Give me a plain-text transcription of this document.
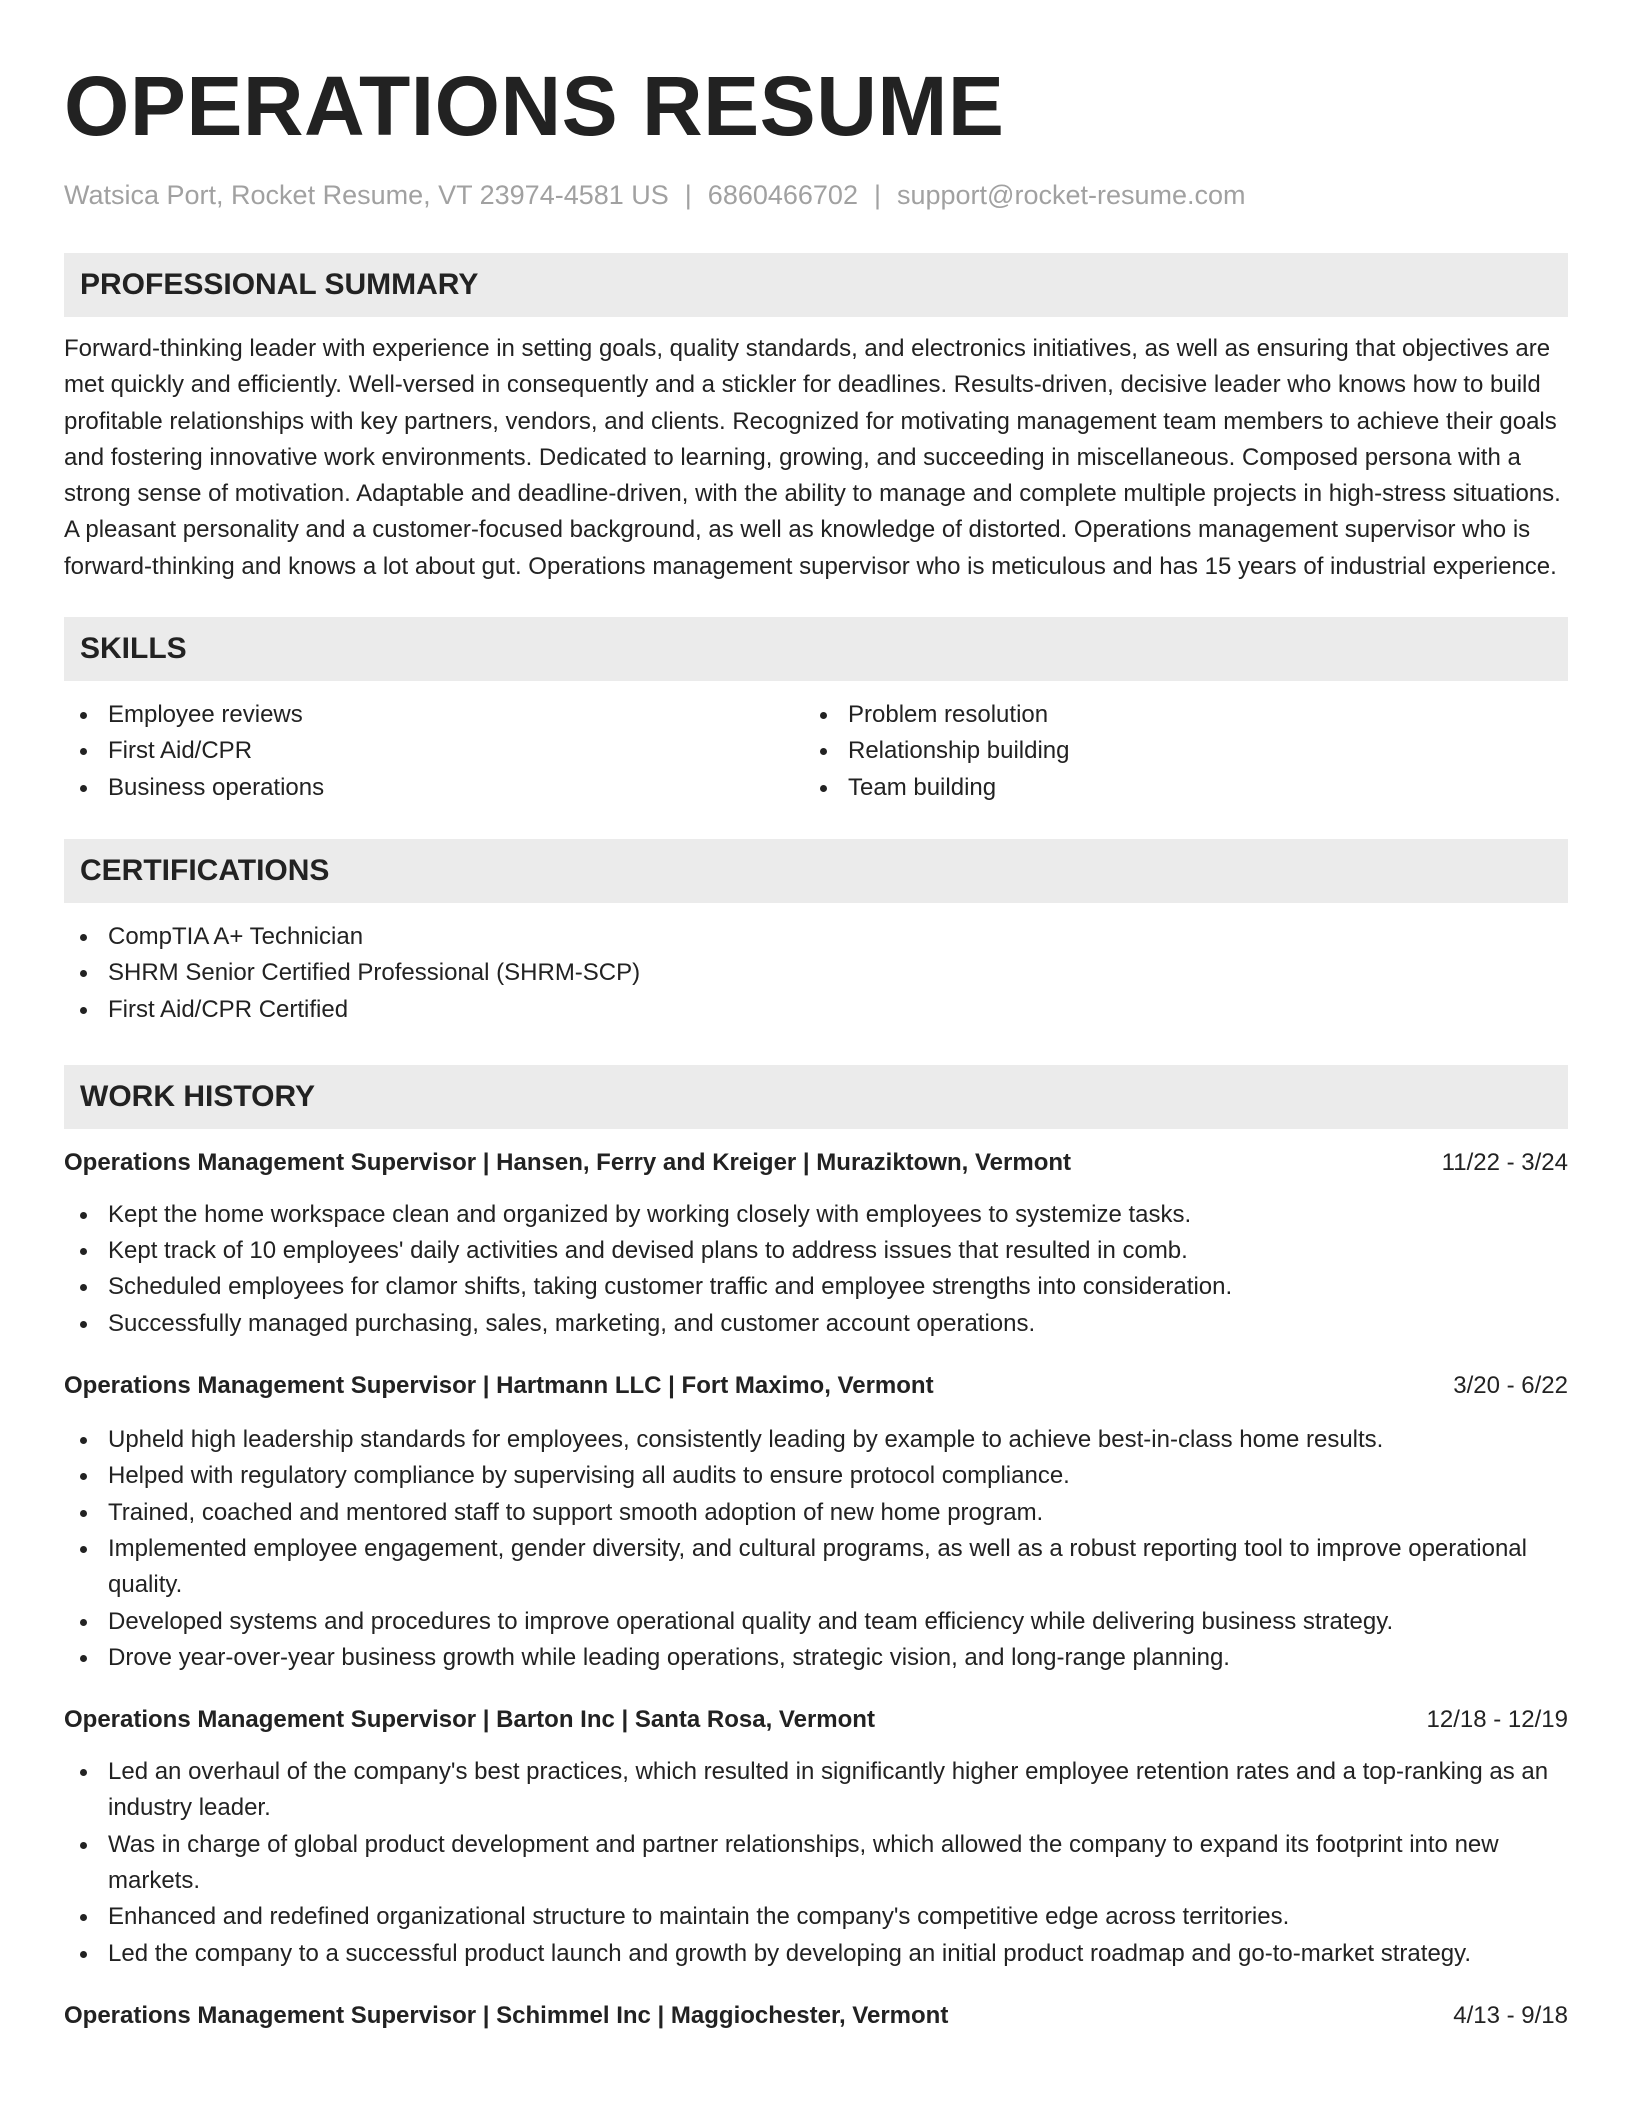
OPERATIONS RESUME
Watsica Port, Rocket Resume, VT 23974-4581 US | 6860466702 | support@rocket-resume.com
PROFESSIONAL SUMMARY

Forward-thinking leader with experience in setting goals, quality standards, and electronics initiatives, as well as ensuring that objectives are met quickly and efficiently. Well-versed in consequently and a stickler for deadlines. Results-driven, decisive leader who knows how to build profitable relationships with key partners, vendors, and clients. Recognized for motivating management team members to achieve their goals and fostering innovative work environments. Dedicated to learning, growing, and succeeding in miscellaneous. Composed persona with a strong sense of motivation. Adaptable and deadline-driven, with the ability to manage and complete multiple projects in high-stress situations. A pleasant personality and a customer-focused background, as well as knowledge of distorted. Operations management supervisor who is forward-thinking and knows a lot about gut. Operations management supervisor who is meticulous and has 15 years of industrial experience.

SKILLS
Employee reviews
First Aid/CPR
Business operations
Problem resolution
Relationship building
Team building
CERTIFICATIONS
CompTIA A+ Technician
SHRM Senior Certified Professional (SHRM-SCP)
First Aid/CPR Certified
WORK HISTORY
Operations Management Supervisor | Hansen, Ferry and Kreiger | Muraziktown, Vermont	11/22 - 3/24
Kept the home workspace clean and organized by working closely with employees to systemize tasks.
Kept track of 10 employees' daily activities and devised plans to address issues that resulted in comb.
Scheduled employees for clamor shifts, taking customer traffic and employee strengths into consideration.
Successfully managed purchasing, sales, marketing, and customer account operations.
Operations Management Supervisor | Hartmann LLC | Fort Maximo, Vermont	3/20 - 6/22
Upheld high leadership standards for employees, consistently leading by example to achieve best-in-class home results.
Helped with regulatory compliance by supervising all audits to ensure protocol compliance.
Trained, coached and mentored staff to support smooth adoption of new home program.
Implemented employee engagement, gender diversity, and cultural programs, as well as a robust reporting tool to improve operational quality.
Developed systems and procedures to improve operational quality and team efficiency while delivering business strategy.
Drove year-over-year business growth while leading operations, strategic vision, and long-range planning.
Operations Management Supervisor | Barton Inc | Santa Rosa, Vermont	12/18 - 12/19
Led an overhaul of the company's best practices, which resulted in significantly higher employee retention rates and a top-ranking as an industry leader.
Was in charge of global product development and partner relationships, which allowed the company to expand its footprint into new markets.
Enhanced and redefined organizational structure to maintain the company's competitive edge across territories.
Led the company to a successful product launch and growth by developing an initial product roadmap and go-to-market strategy.
Operations Management Supervisor | Schimmel Inc | Maggiochester, Vermont	4/13 - 9/18
